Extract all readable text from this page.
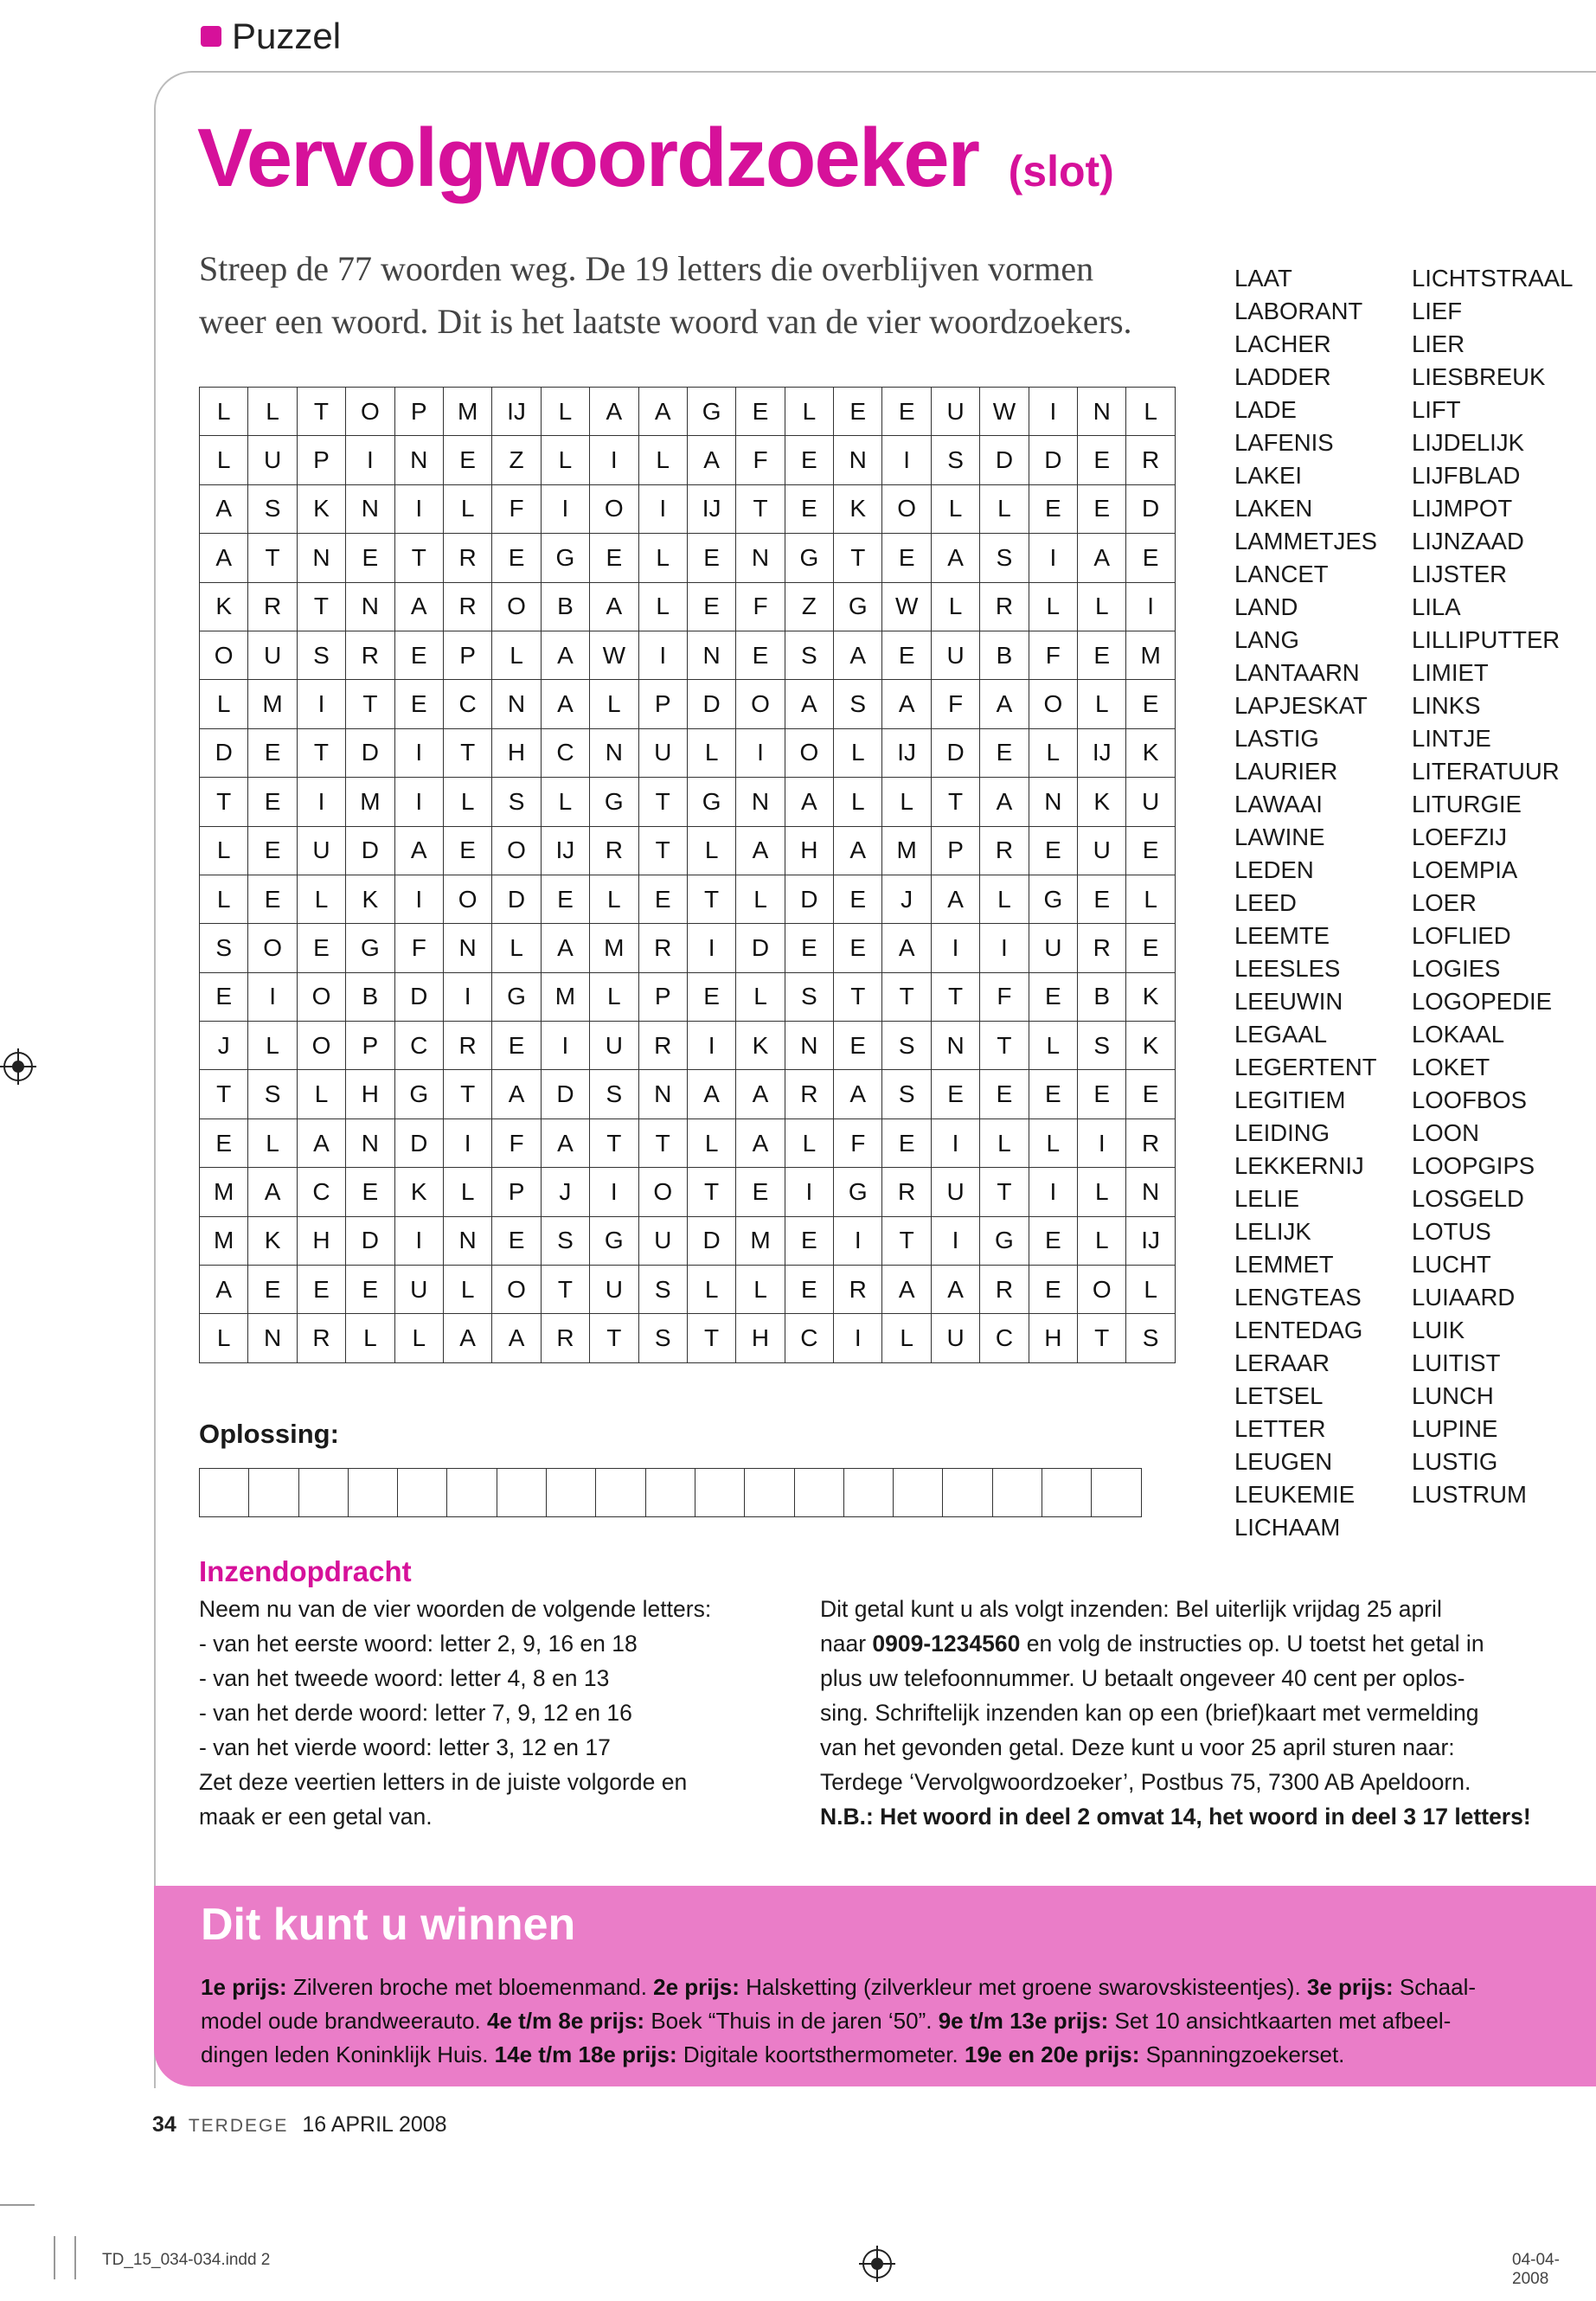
Puzzel
Vervolgwoordzoeker (slot)
Streep de 77 woorden weg. De 19 letters die overblijven vormen
weer een woord. Dit is het laatste woord van de vier woordzoekers.
L	L	T	O	P	M	IJ	L	A	A	G	E	L	E	E	U	W	I	N	L
L	U	P	I	N	E	Z	L	I	L	A	F	E	N	I	S	D	D	E	R
A	S	K	N	I	L	F	I	O	I	IJ	T	E	K	O	L	L	E	E	D
A	T	N	E	T	R	E	G	E	L	E	N	G	T	E	A	S	I	A	E
K	R	T	N	A	R	O	B	A	L	E	F	Z	G	W	L	R	L	L	I
O	U	S	R	E	P	L	A	W	I	N	E	S	A	E	U	B	F	E	M
L	M	I	T	E	C	N	A	L	P	D	O	A	S	A	F	A	O	L	E
D	E	T	D	I	T	H	C	N	U	L	I	O	L	IJ	D	E	L	IJ	K
T	E	I	M	I	L	S	L	G	T	G	N	A	L	L	T	A	N	K	U
L	E	U	D	A	E	O	IJ	R	T	L	A	H	A	M	P	R	E	U	E
L	E	L	K	I	O	D	E	L	E	T	L	D	E	J	A	L	G	E	L
S	O	E	G	F	N	L	A	M	R	I	D	E	E	A	I	I	U	R	E
E	I	O	B	D	I	G	M	L	P	E	L	S	T	T	T	F	E	B	K
J	L	O	P	C	R	E	I	U	R	I	K	N	E	S	N	T	L	S	K
T	S	L	H	G	T	A	D	S	N	A	A	R	A	S	E	E	E	E	E
E	L	A	N	D	I	F	A	T	T	L	A	L	F	E	I	L	L	I	R
M	A	C	E	K	L	P	J	I	O	T	E	I	G	R	U	T	I	L	N
M	K	H	D	I	N	E	S	G	U	D	M	E	I	T	I	G	E	L	IJ
A	E	E	E	U	L	O	T	U	S	L	L	E	R	A	A	R	E	O	L
L	N	R	L	L	A	A	R	T	S	T	H	C	I	L	U	C	H	T	S
Oplossing:
LAAT
LABORANT
LACHER
LADDER
LADE
LAFENIS
LAKEI
LAKEN
LAMMETJES
LANCET
LAND
LANG
LANTAARN
LAPJESKAT
LASTIG
LAURIER
LAWAAI
LAWINE
LEDEN
LEED
LEEMTE
LEESLES
LEEUWIN
LEGAAL
LEGERTENT
LEGITIEM
LEIDING
LEKKERNIJ
LELIE
LELIJK
LEMMET
LENGTEAS
LENTEDAG
LERAAR
LETSEL
LETTER
LEUGEN
LEUKEMIE
LICHAAM
LICHTSTRAAL
LIEF
LIER
LIESBREUK
LIFT
LIJDELIJK
LIJFBLAD
LIJMPOT
LIJNZAAD
LIJSTER
LILA
LILLIPUTTER
LIMIET
LINKS
LINTJE
LITERATUUR
LITURGIE
LOEFZIJ
LOEMPIA
LOER
LOFLIED
LOGIES
LOGOPEDIE
LOKAAL
LOKET
LOOFBOS
LOON
LOOPGIPS
LOSGELD
LOTUS
LUCHT
LUIAARD
LUIK
LUITIST
LUNCH
LUPINE
LUSTIG
LUSTRUM
Inzendopdracht
Neem nu van de vier woorden de volgende letters:
- van het eerste woord: letter 2, 9, 16 en 18
- van het tweede woord: letter 4, 8 en 13
- van het derde woord: letter 7, 9, 12 en 16
- van het vierde woord: letter 3, 12 en 17
Zet deze veertien letters in de juiste volgorde en
maak er een getal van.
Dit getal kunt u als volgt inzenden: Bel uiterlijk vrijdag 25 april
naar 0909-1234560 en volg de instructies op. U toetst het getal in
plus uw telefoonnummer. U betaalt ongeveer 40 cent per oplos-
sing. Schriftelijk inzenden kan op een (brief)kaart met vermelding
van het gevonden getal. Deze kunt u voor 25 april sturen naar:
Terdege ‘Vervolgwoordzoeker’, Postbus 75, 7300 AB Apeldoorn.
N.B.: Het woord in deel 2 omvat 14, het woord in deel 3 17 letters!
Dit kunt u winnen
1e prijs: Zilveren broche met bloemenmand. 2e prijs: Halsketting (zilverkleur met groene swarovskisteentjes). 3e prijs: Schaal-
model oude brandweerauto. 4e t/m 8e prijs: Boek “Thuis in de jaren ‘50”. 9e t/m 13e prijs: Set 10 ansichtkaarten met afbeel-
dingen leden Koninklijk Huis. 14e t/m 18e prijs: Digitale koortsthermometer. 19e en 20e prijs: Spanningzoekerset.
34 TERDEGE 16 APRIL 2008
TD_15_034-034.indd 2	04-04-2008
